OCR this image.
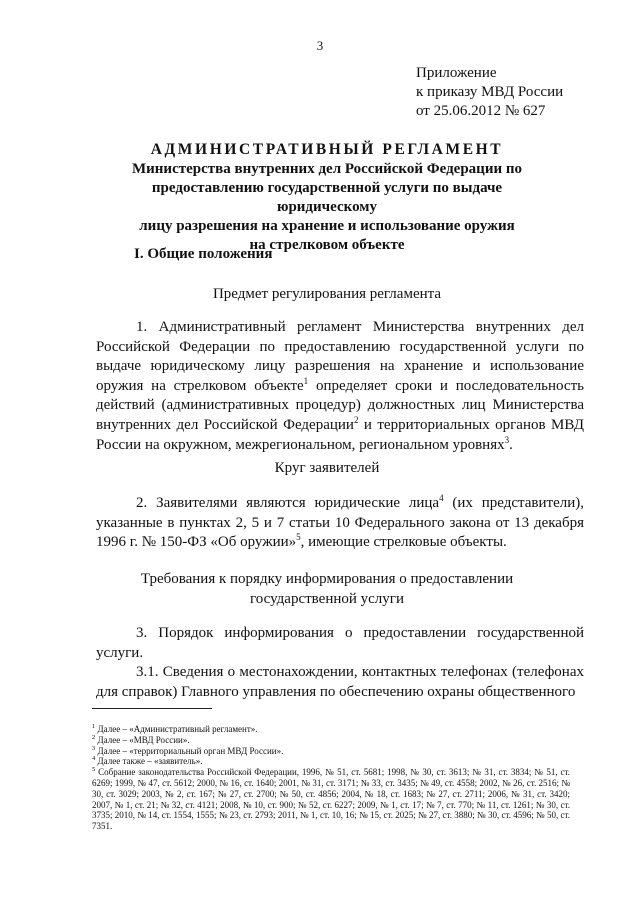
3
Приложение
к приказу МВД России
от 25.06.2012 № 627
АДМИНИСТРАТИВНЫЙ РЕГЛАМЕНТ
Министерства внутренних дел Российской Федерации по
предоставлению государственной услуги по выдаче юридическому
лицу разрешения на хранение и использование оружия
на стрелковом объекте
I. Общие положения
Предмет регулирования регламента
1. Административный регламент Министерства внутренних дел Российской Федерации по предоставлению государственной услуги по выдаче юридическому лицу разрешения на хранение и использование оружия на стрелковом объекте$^1$ определяет сроки и последовательность действий (административных процедур) должностных лиц Министерства внутренних дел Российской Федерации$^2$ и территориальных органов МВД России на окружном, межрегиональном, региональном уровнях$^3$.
Круг заявителей
2. Заявителями являются юридические лица$^4$ (их представители), указанные в пунктах 2, 5 и 7 статьи 10 Федерального закона от 13 декабря 1996 г. № 150-ФЗ «Об оружии»$^5$, имеющие стрелковые объекты.
Требования к порядку информирования о предоставлении
государственной услуги
3. Порядок информирования о предоставлении государственной услуги.
3.1. Сведения о местонахождении, контактных телефонах (телефонах для справок) Главного управления по обеспечению охраны общественного
$^1$ Далее – «Административный регламент».
$^2$ Далее – «МВД России».
$^3$ Далее – «территориальный орган МВД России».
$^4$ Далее также – «заявитель».
$^5$ Собрание законодательства Российской Федерации, 1996, № 51, ст. 5681; 1998, № 30, ст. 3613; № 31, ст. 3834; № 51, ст. 6269; 1999, № 47, ст. 5612; 2000, № 16, ст. 1640; 2001, № 31, ст. 3171; № 33, ст. 3435; № 49, ст. 4558; 2002, № 26, ст. 2516; № 30, ст. 3029; 2003, № 2, ст. 167; № 27, ст. 2700; № 50, ст. 4856; 2004, № 18, ст. 1683; № 27, ст. 2711; 2006, № 31, ст. 3420; 2007, № 1, ст. 21; № 32, ст. 4121; 2008, № 10, ст. 900; № 52, ст. 6227; 2009, № 1, ст. 17; № 7, ст. 770; № 11, ст. 1261; № 30, ст. 3735; 2010, № 14, ст. 1554, 1555; № 23, ст. 2793; 2011, № 1, ст. 10, 16; № 15, ст. 2025; № 27, ст. 3880; № 30, ст. 4596; № 50, ст. 7351.
